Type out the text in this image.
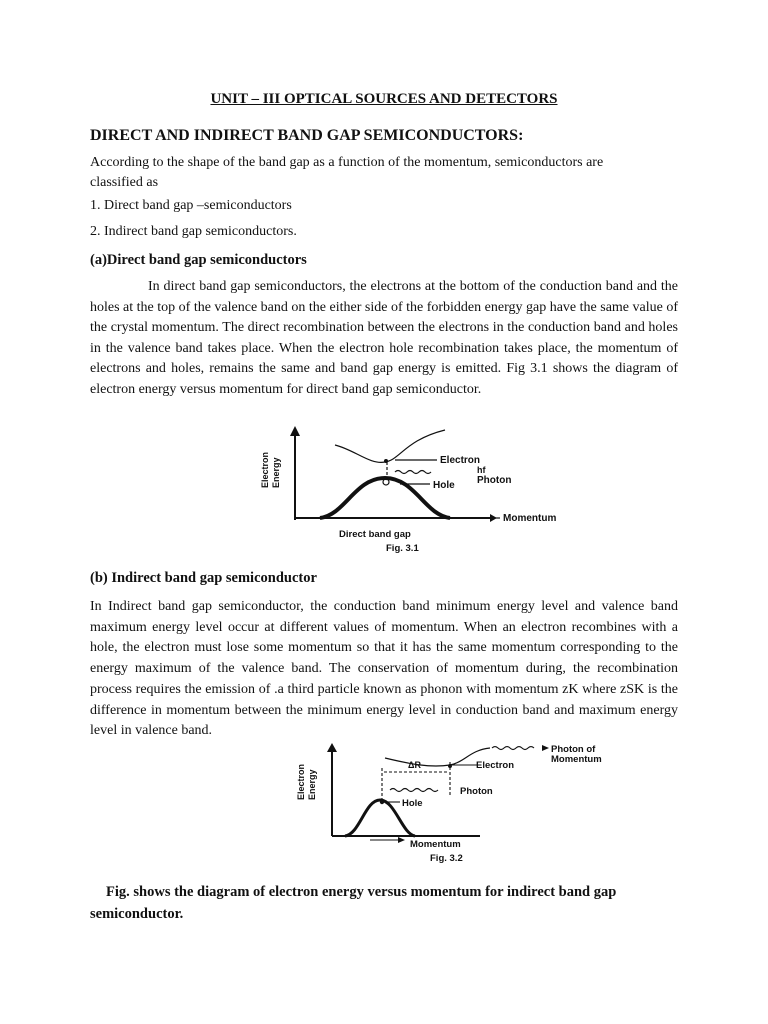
UNIT – III OPTICAL SOURCES AND DETECTORS
DIRECT AND INDIRECT BAND GAP SEMICONDUCTORS:
According to the shape of the band gap as a function of the momentum, semiconductors are classified as
1. Direct band gap –semiconductors
2. Indirect band gap semiconductors.
(a)Direct band gap semiconductors
In direct band gap semiconductors, the electrons at the bottom of the conduction band and the holes at the top of the valence band on the either side of the forbidden energy gap have the same value of the crystal momentum. The direct recombination between the electrons in the conduction band and holes in the valence band takes place. When the electron hole recombination takes place, the momentum of electrons and holes, remains the same and band gap energy is emitted. Fig 3.1 shows the diagram of electron energy versus momentum for direct band gap semiconductor.
Electron Energy	Electron
hf
Photon
Hole
Momentum
Direct band gap
Fig. 3.1
(b) Indirect band gap semiconductor
In Indirect band gap semiconductor, the conduction band minimum energy level and valence band maximum energy level occur at different values of momentum. When an electron recombines with a hole, the electron must lose some momentum so that it has the same momentum corresponding to the energy maximum of the valence band. The conservation of momentum during, the recombination process requires the emission of .a third particle known as phonon with momentum zK where zSK is the difference in momentum between the minimum energy level in conduction band and maximum energy level in valence band.
Electron Energy
Photon of
Momentum
ΔR	Electron
Photon
Hole
Momentum
Fig. 3.2
Fig. shows the diagram of electron energy versus momentum for indirect band gap semiconductor.
